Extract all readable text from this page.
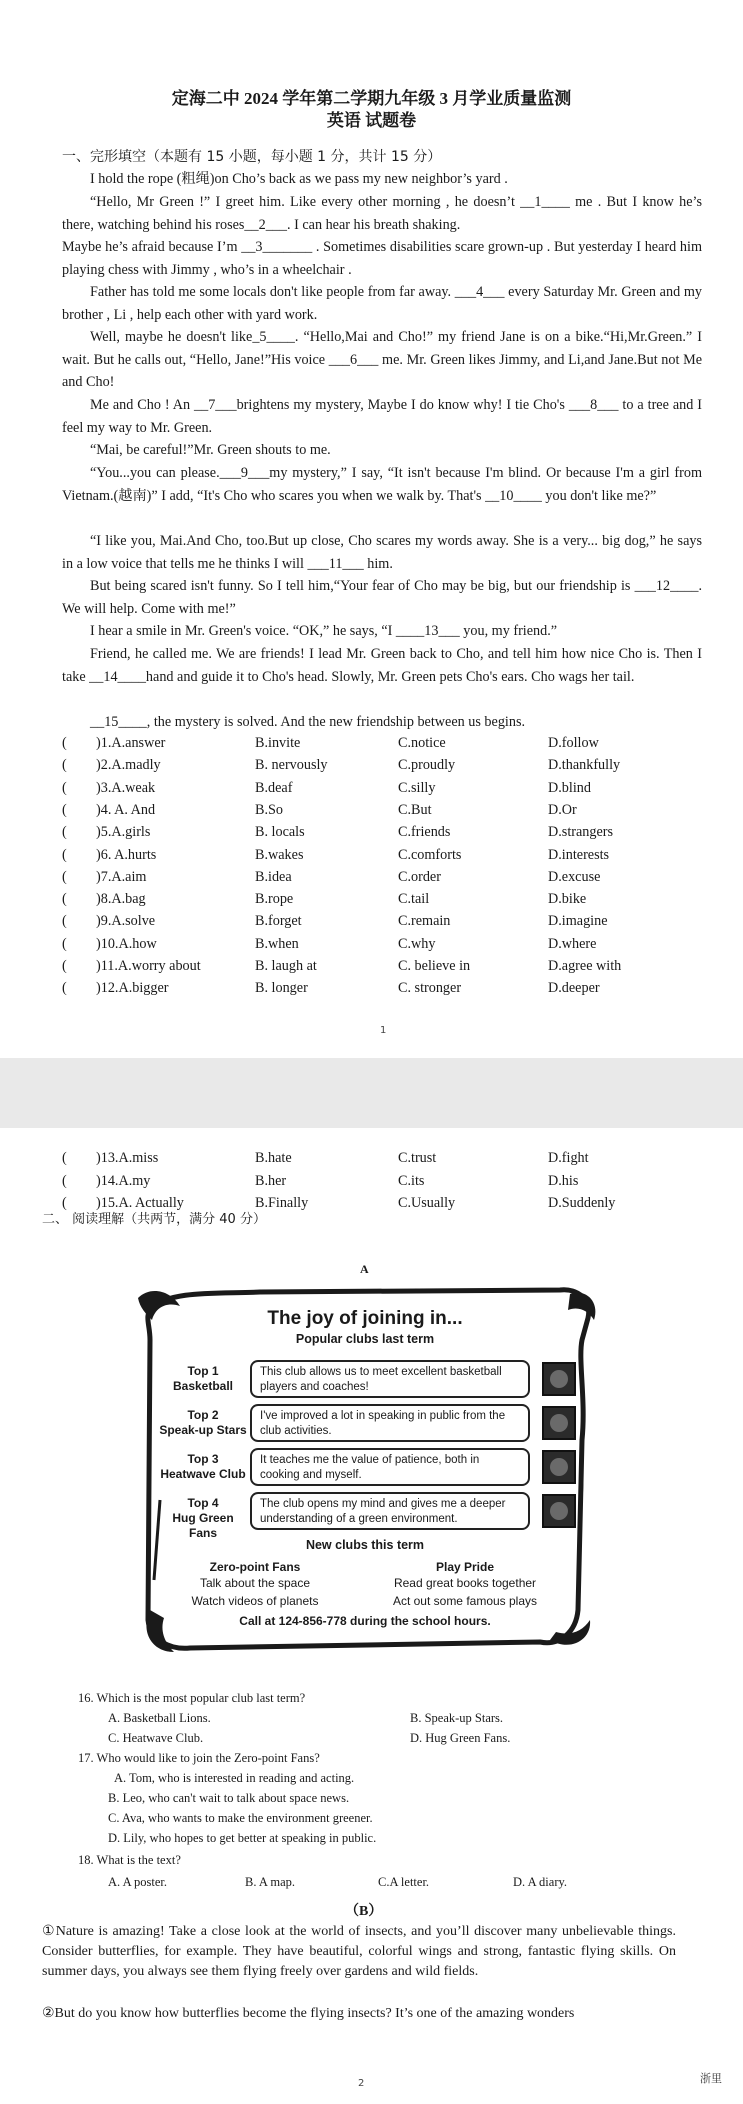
定海二中 2024 学年第二学期九年级 3 月学业质量监测
英语 试题卷
一、完形填空（本题有 15 小题，每小题 1 分，共计 15 分）
I hold the rope (粗绳)on Cho’s back as we pass my new neighbor’s yard .
“Hello, Mr Green !” I greet him. Like every other morning , he doesn’t __1____ me . But I know he’s there, watching behind his roses__2___. I can hear his breath shaking.
Maybe he’s afraid because I’m __3_______ . Sometimes disabilities scare grown-up . But yesterday I heard him playing chess with Jimmy , who’s in a wheelchair .
Father has told me some locals don't like people from far away. ___4___ every Saturday Mr. Green and my brother , Li , help each other with yard work.
Well, maybe he doesn't like_5____. “Hello,Mai and Cho!” my friend Jane is on a bike.“Hi,Mr.Green.” I wait. But he calls out, “Hello, Jane!”His voice ___6___ me. Mr. Green likes Jimmy, and Li,and Jane.But not Me and Cho!
Me and Cho ! An __7___brightens my mystery, Maybe I do know why! I tie Cho's ___8___ to a tree and I feel my way to Mr. Green.
“Mai, be careful!”Mr. Green shouts to me.
“You...you can please.___9___my mystery,” I say, “It isn't because I'm blind. Or because I'm a girl from Vietnam.(越南)” I add, “It's Cho who scares you when we walk by. That's __10____ you don't like me?”
“I like you, Mai.And Cho, too.But up close, Cho scares my words away. She is a very... big dog,” he says in a low voice that tells me he thinks I will ___11___ him.
But being scared isn't funny. So I tell him,“Your fear of Cho may be big, but our friendship is ___12____. We will help. Come with me!”
I hear a smile in Mr. Green's voice. “OK,” he says, “I ____13___ you, my friend.”
Friend, he called me. We are friends! I lead Mr. Green back to Cho, and tell him how nice Cho is. Then I take __14____hand and guide it to Cho's head. Slowly, Mr. Green pets Cho's ears. Cho wags her tail.
__15____, the mystery is solved. And the new friendship between us begins.
( )1.A.answer	B.invite	C.notice	D.follow
( )2.A.madly	B. nervously	C.proudly	D.thankfully
( )3.A.weak	B.deaf	C.silly	D.blind
( )4. A. And	B.So	C.But	D.Or
( )5.A.girls	B. locals	C.friends	D.strangers
( )6. A.hurts	B.wakes	C.comforts	D.interests
( )7.A.aim	B.idea	C.order	D.excuse
( )8.A.bag	B.rope	C.tail	D.bike
( )9.A.solve	B.forget	C.remain	D.imagine
( )10.A.how	B.when	C.why	D.where
( )11.A.worry about	B. laugh at	C. believe in	D.agree with
( )12.A.bigger	B. longer	C. stronger	D.deeper
1
( )13.A.miss	B.hate	C.trust	D.fight
( )14.A.my	B.her	C.its	D.his
( )15.A. Actually	B.Finally	C.Usually	D.Suddenly
二、 阅读理解（共两节，满分 40 分）
A
The joy of joining in...
Popular clubs last term
Top 1
Basketball
This club allows us to meet excellent basketball players and coaches!
Top 2
Speak-up Stars
I've improved a lot in speaking in public from the club activities.
Top 3
Heatwave Club
It teaches me the value of patience, both in cooking and myself.
Top 4
Hug Green Fans
The club opens my mind and gives me a deeper understanding of a green environment.
New clubs this term
Zero-point Fans
Talk about the space
Watch videos of planets
Play Pride
Read great books together
Act out some famous plays
Call at 124-856-778 during the school hours.
16. Which is the most popular club last term?
A. Basketball Lions.	B. Speak-up Stars.
C. Heatwave Club.	D. Hug Green Fans.
17. Who would like to join the Zero-point Fans?
A. Tom, who is interested in reading and acting.
B. Leo, who can't wait to talk about space news.
C. Ava, who wants to make the environment greener.
D. Lily, who hopes to get better at speaking in public.
18. What is the text?
A. A poster.	B. A map.	C.A letter.	D. A diary.
（B）
①Nature is amazing! Take a close look at the world of insects, and you’ll discover many unbelievable things. Consider butterflies, for example. They have beautiful, colorful wings and strong, fantastic flying skills. On summer days, you always see them flying freely over gardens and wild fields.
②But do you know how butterflies become the flying insects? It’s one of the amazing wonders
2	浙里
